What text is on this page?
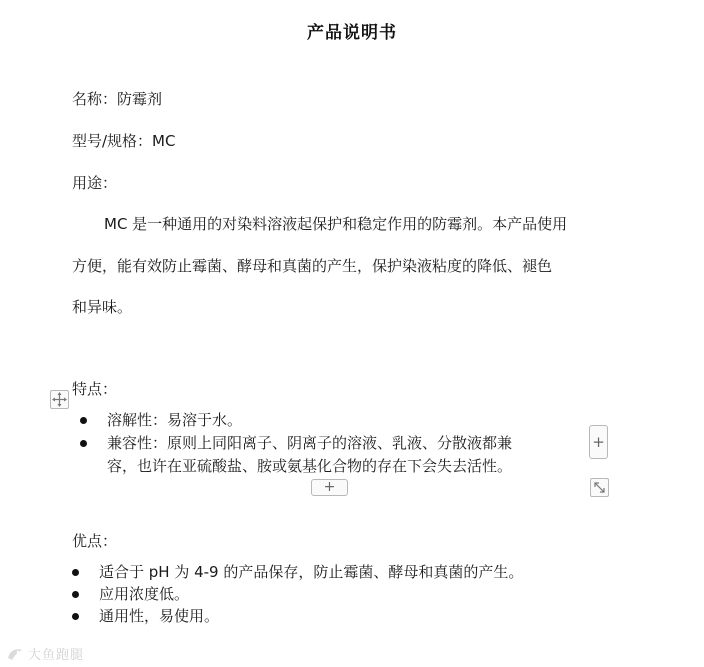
产品说明书
名称：防霉剂
型号/规格：MC
用途：
MC 是一种通用的对染料溶液起保护和稳定作用的防霉剂。本产品使用
方便，能有效防止霉菌、酵母和真菌的产生，保护染液粘度的降低、褪色
和异味。
特点：
溶解性：易溶于水。
兼容性：原则上同阳离子、阴离子的溶液、乳液、分散液都兼
容，也许在亚硫酸盐、胺或氨基化合物的存在下会失去活性。
+
+
优点：
适合于 pH 为 4-9 的产品保存，防止霉菌、酵母和真菌的产生。
应用浓度低。
通用性，易使用。
大鱼跑腿
